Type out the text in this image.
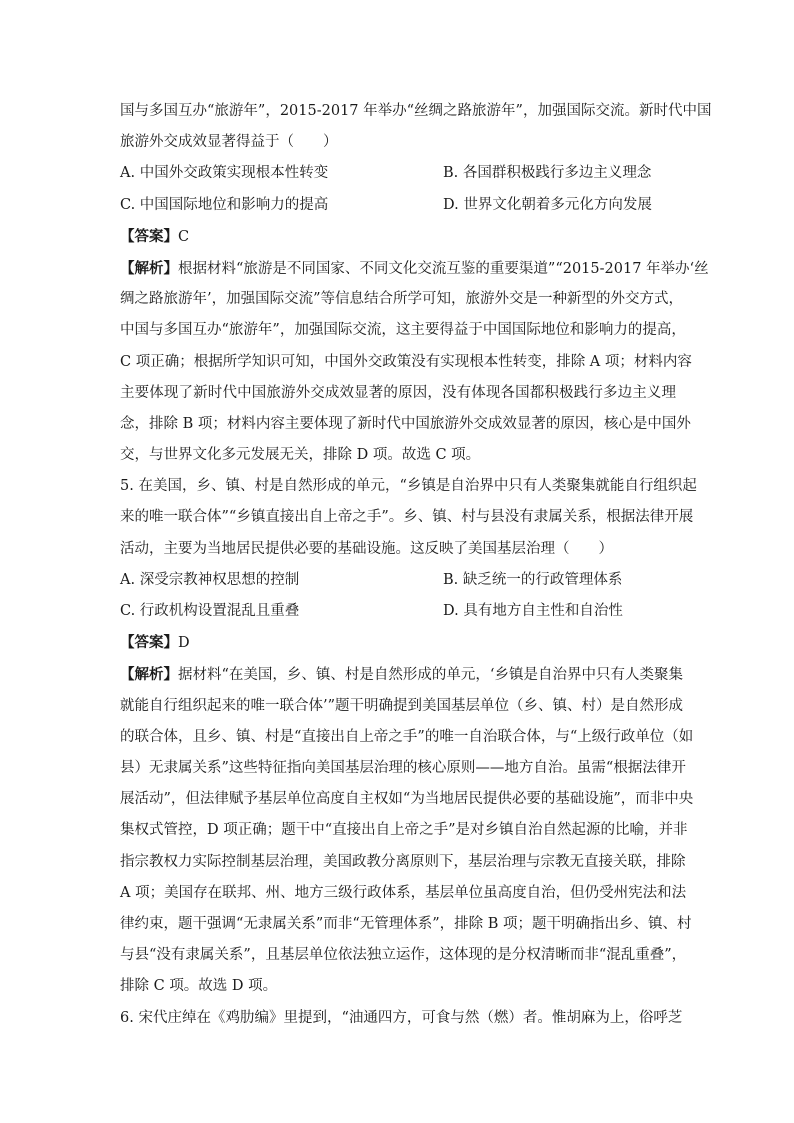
国与多国互办“旅游年”，2015-2017 年举办“丝绸之路旅游年”，加强国际交流。新时代中国
旅游外交成效显著得益于（　　）
A. 中国外交政策实现根本性转变	B. 各国群积极践行多边主义理念
C. 中国国际地位和影响力的提高	D. 世界文化朝着多元化方向发展
【答案】C
【解析】根据材料“旅游是不同国家、不同文化交流互鉴的重要渠道”“2015-2017 年举办‘丝
绸之路旅游年’，加强国际交流”等信息结合所学可知，旅游外交是一种新型的外交方式，
中国与多国互办“旅游年”，加强国际交流，这主要得益于中国国际地位和影响力的提高，
C 项正确；根据所学知识可知，中国外交政策没有实现根本性转变，排除 A 项；材料内容
主要体现了新时代中国旅游外交成效显著的原因，没有体现各国都积极践行多边主义理
念，排除 B 项；材料内容主要体现了新时代中国旅游外交成效显著的原因，核心是中国外
交，与世界文化多元发展无关，排除 D 项。故选 C 项。
5. 在美国，乡、镇、村是自然形成的单元，“乡镇是自治界中只有人类聚集就能自行组织起
来的唯一联合体”“乡镇直接出自上帝之手”。乡、镇、村与县没有隶属关系，根据法律开展
活动，主要为当地居民提供必要的基础设施。这反映了美国基层治理（　　）
A. 深受宗教神权思想的控制	B. 缺乏统一的行政管理体系
C. 行政机构设置混乱且重叠	D. 具有地方自主性和自治性
【答案】D
【解析】据材料“在美国，乡、镇、村是自然形成的单元，‘乡镇是自治界中只有人类聚集
就能自行组织起来的唯一联合体’”题干明确提到美国基层单位（乡、镇、村）是自然形成
的联合体，且乡、镇、村是“直接出自上帝之手”的唯一自治联合体，与“上级行政单位（如
县）无隶属关系”这些特征指向美国基层治理的核心原则——地方自治。虽需“根据法律开
展活动”，但法律赋予基层单位高度自主权如“为当地居民提供必要的基础设施”，而非中央
集权式管控，D 项正确；题干中“直接出自上帝之手”是对乡镇自治自然起源的比喻，并非
指宗教权力实际控制基层治理，美国政教分离原则下，基层治理与宗教无直接关联，排除
A 项；美国存在联邦、州、地方三级行政体系，基层单位虽高度自治，但仍受州宪法和法
律约束，题干强调“无隶属关系”而非“无管理体系”，排除 B 项；题干明确指出乡、镇、村
与县“没有隶属关系”，且基层单位依法独立运作，这体现的是分权清晰而非“混乱重叠”，
排除 C 项。故选 D 项。
6. 宋代庄绰在《鸡肋编》里提到，“油通四方，可食与然（燃）者。惟胡麻为上，俗呼芝
